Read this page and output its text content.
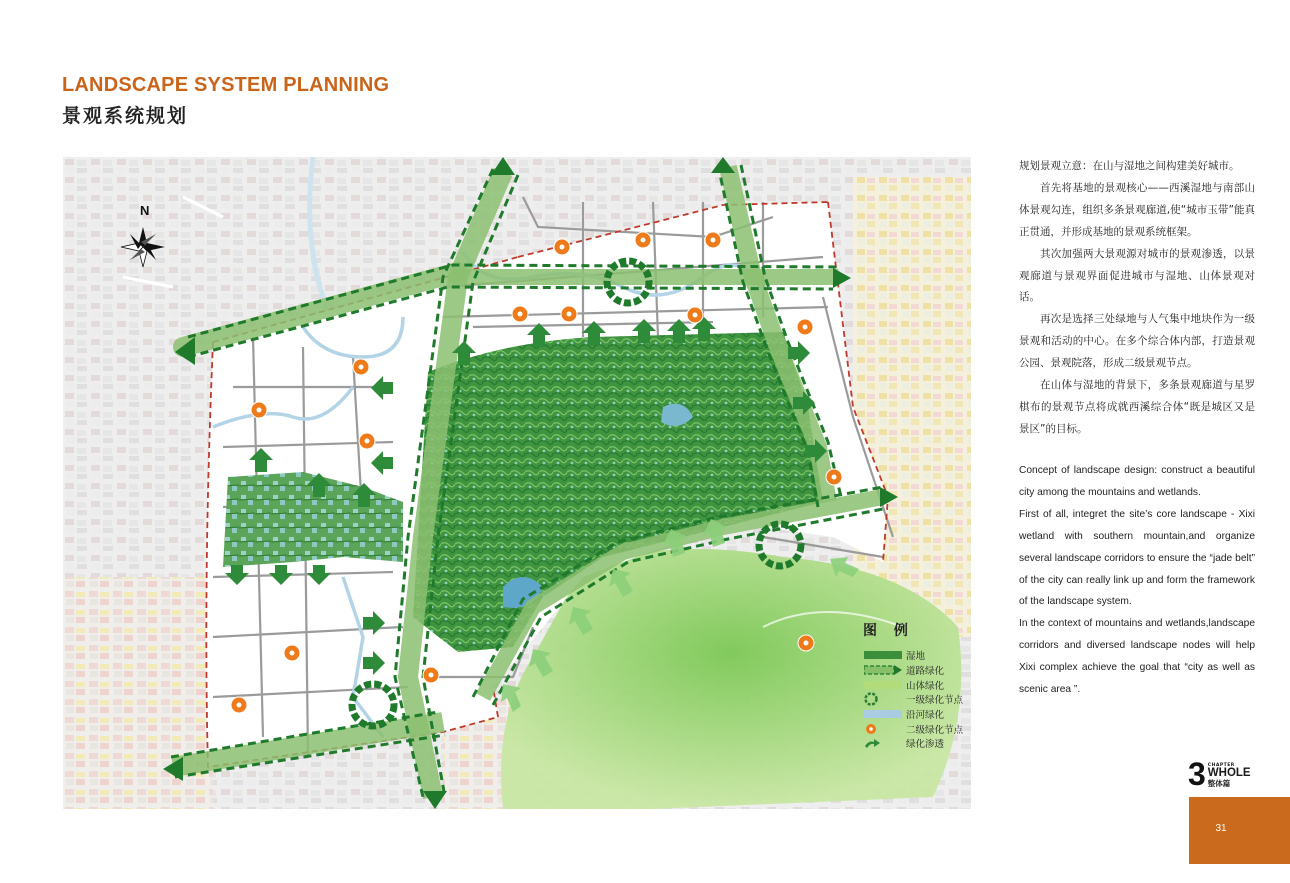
LANDSCAPE SYSTEM PLANNING
景观系统规划
N

规划景观立意：在山与湿地之间构建美好城市。

首先将基地的景观核心——西溪湿地与南部山体景观勾连，组织多条景观廊道,使“城市玉带”能真正贯通，并形成基地的景观系统框架。

其次加强两大景观源对城市的景观渗透，以景观廊道与景观界面促进城市与湿地、山体景观对话。

再次是选择三处绿地与人气集中地块作为一级景观和活动的中心。在多个综合体内部，打造景观公园、景观院落，形成二级景观节点。

在山体与湿地的背景下，多条景观廊道与星罗棋布的景观节点将成就西溪综合体“既是城区又是景区”的目标。

Concept of landscape design: construct a beautiful city among the mountains and wetlands.

First of all, integret the site’s core landscape - Xixi wetland with southern mountain,and organize several landscape corridors to ensure the “jade belt” of the city can really link up and form the framework of the landscape system.

In the context of mountains and wetlands,landscape corridors and diversed landscape nodes will help Xixi complex achieve the goal that “city as well as scenic area ”.

图 例
湿地
道路绿化
山体绿化
一级绿化节点
沿河绿化
二级绿化节点
绿化渗透
3 CHAPTER
WHOLE
整体篇
31
